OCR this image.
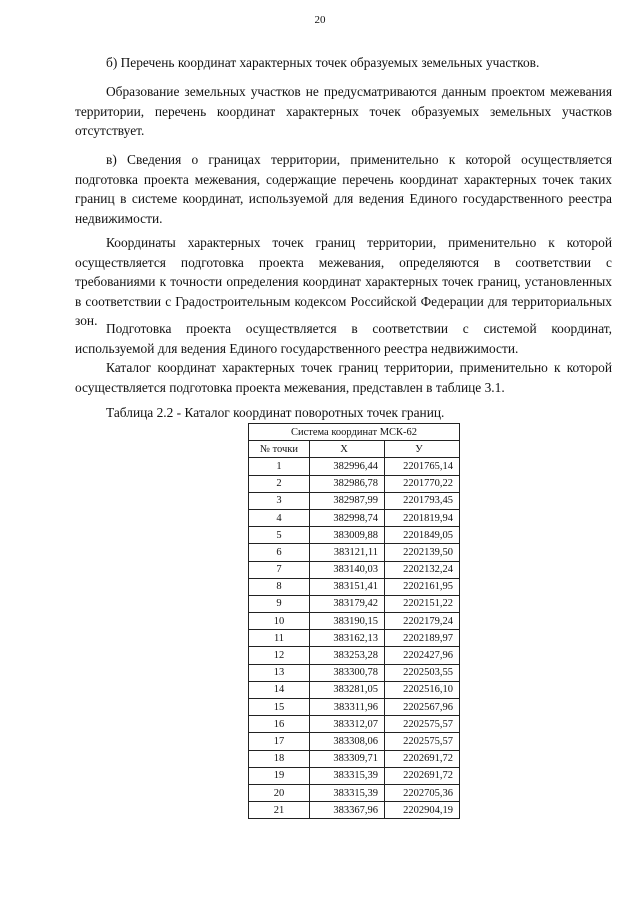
20

б) Перечень координат характерных точек образуемых земельных участков.

Образование земельных участков не предусматриваются данным проектом межевания территории, перечень координат характерных точек образуемых земельных участков отсутствует.

в) Сведения о границах территории, применительно к которой осуществляется подготовка проекта межевания, содержащие перечень координат характерных точек таких границ в системе координат, используемой для ведения Единого государственного реестра недвижимости.

Координаты характерных точек границ территории, применительно к которой осуществляется подготовка проекта межевания, определяются в соответствии с требованиями к точности определения координат характерных точек границ, установленных в соответствии с Градостроительным кодексом Российской Федерации для территориальных зон.

Подготовка проекта осуществляется в соответствии с системой координат, используемой для ведения Единого государственного реестра недвижимости.

Каталог координат характерных точек границ территории, применительно к которой осуществляется подготовка проекта межевания, представлен в таблице 3.1.

Таблица 2.2 - Каталог координат поворотных точек границ.

Система координат МСК-62		
№ точки	Х	У
1	382996,44	2201765,14
2	382986,78	2201770,22
3	382987,99	2201793,45
4	382998,74	2201819,94
5	383009,88	2201849,05
6	383121,11	2202139,50
7	383140,03	2202132,24
8	383151,41	2202161,95
9	383179,42	2202151,22
10	383190,15	2202179,24
11	383162,13	2202189,97
12	383253,28	2202427,96
13	383300,78	2202503,55
14	383281,05	2202516,10
15	383311,96	2202567,96
16	383312,07	2202575,57
17	383308,06	2202575,57
18	383309,71	2202691,72
19	383315,39	2202691,72
20	383315,39	2202705,36
21	383367,96	2202904,19
